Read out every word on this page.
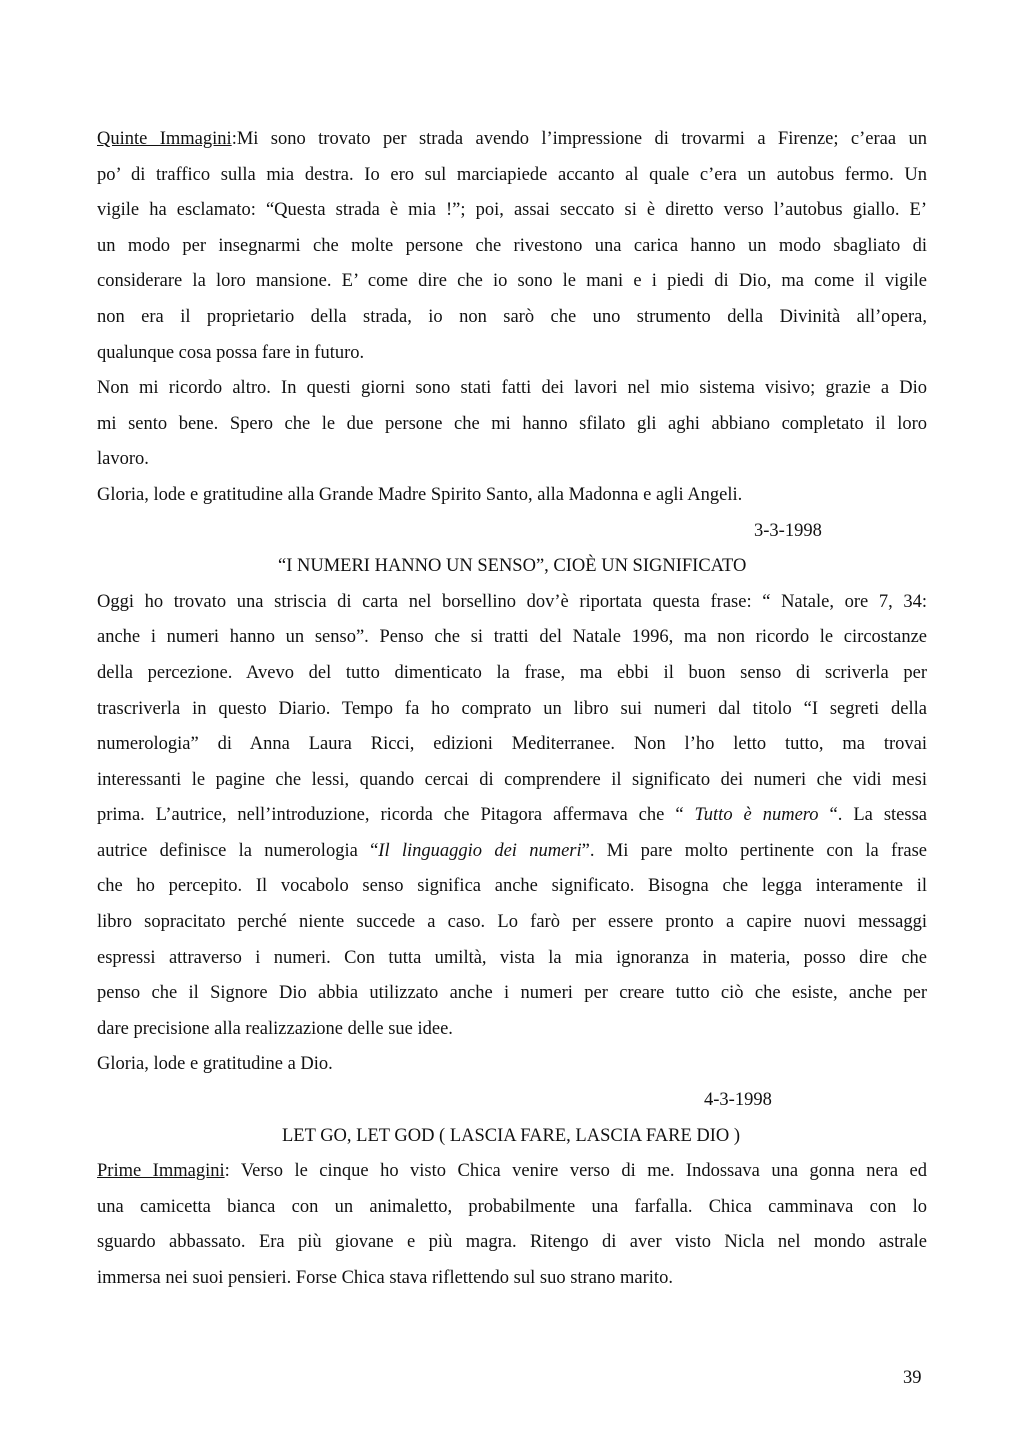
Quinte Immagini:Mi sono trovato per strada avendo l’impressione di trovarmi a Firenze; c’eraa un
po’ di traffico sulla mia destra. Io ero sul marciapiede accanto al quale c’era un autobus fermo. Un
vigile ha esclamato: “Questa strada è mia !”; poi, assai seccato si è diretto verso l’autobus giallo. E’
un modo per insegnarmi che molte persone che rivestono una carica hanno un modo sbagliato di
considerare la loro mansione. E’ come dire che io sono le mani e i piedi di Dio, ma come il vigile
non era il proprietario della strada, io non sarò che uno strumento della Divinità all’opera,
qualunque cosa possa fare in futuro.
Non mi ricordo altro. In questi giorni sono stati fatti dei lavori nel mio sistema visivo; grazie a Dio
mi sento bene. Spero che le due persone che mi hanno sfilato gli aghi abbiano completato il loro
lavoro.
Gloria, lode e gratitudine alla Grande Madre Spirito Santo, alla Madonna e agli Angeli.
3-3-1998
“I NUMERI HANNO UN SENSO”, CIOÈ UN SIGNIFICATO
Oggi ho trovato una striscia di carta nel borsellino dov’è riportata questa frase: “ Natale, ore 7, 34:
anche i numeri hanno un senso”. Penso che si tratti del Natale 1996, ma non ricordo le circostanze
della percezione. Avevo del tutto dimenticato la frase, ma ebbi il buon senso di scriverla per
trascriverla in questo Diario. Tempo fa ho comprato un libro sui numeri dal titolo “I segreti della
numerologia” di Anna Laura Ricci, edizioni Mediterranee. Non l’ho letto tutto, ma trovai
interessanti le pagine che lessi, quando cercai di comprendere il significato dei numeri che vidi mesi
prima. L’autrice, nell’introduzione, ricorda che Pitagora affermava che “ Tutto è numero “. La stessa
autrice definisce la numerologia “Il linguaggio dei numeri”. Mi pare molto pertinente con la frase
che ho percepito. Il vocabolo senso significa anche significato. Bisogna che legga interamente il
libro sopracitato perché niente succede a caso. Lo farò per essere pronto a capire nuovi messaggi
espressi attraverso i numeri. Con tutta umiltà, vista la mia ignoranza in materia, posso dire che
penso che il Signore Dio abbia utilizzato anche i numeri per creare tutto ciò che esiste, anche per
dare precisione alla realizzazione delle sue idee.
Gloria, lode e gratitudine a Dio.
4-3-1998
LET GO, LET GOD ( LASCIA FARE, LASCIA FARE DIO )
Prime Immagini: Verso le cinque ho visto Chica venire verso di me. Indossava una gonna nera ed
una camicetta bianca con un animaletto, probabilmente una farfalla. Chica camminava con lo
sguardo abbassato. Era più giovane e più magra. Ritengo di aver visto Nicla nel mondo astrale
immersa nei suoi pensieri. Forse Chica stava riflettendo sul suo strano marito.
39
